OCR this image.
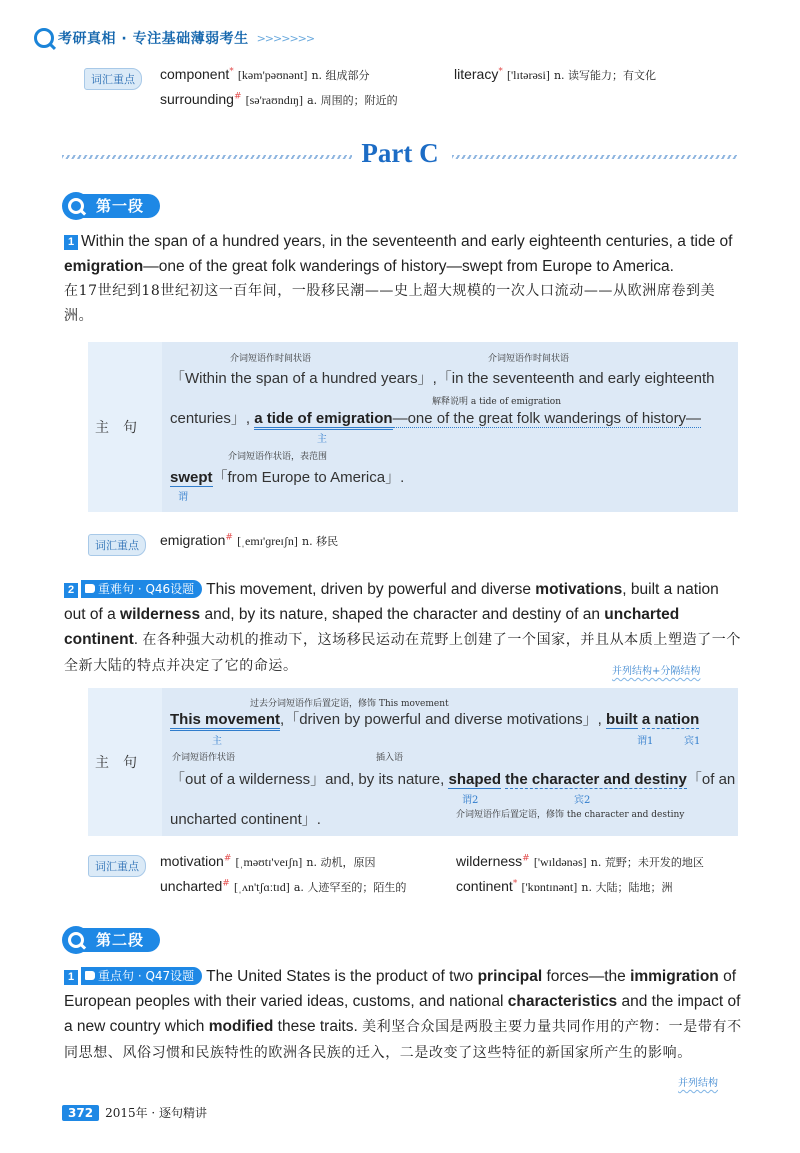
考研真相 · 专注基础薄弱考生 >>>>>>>
词汇重点	component* [kəm'pəʊnənt] n. 组成部分	literacy* ['lɪtərəsi] n. 读写能力；有文化
surrounding# [sə'raʊndɪŋ] a. 周围的；附近的
Part C
第一段
1 Within the span of a hundred years, in the seventeenth and early eighteenth centuries, a tide of emigration—one of the great folk wanderings of history—swept from Europe to America.
在17世纪到18世纪初这一百年间，一股移民潮——史上超大规模的一次人口流动——从欧洲席卷到美洲。
主句
介词短语作时间状语	介词短语作时间状语
「Within the span of a hundred years」,「in the seventeenth and early eighteenth
解释说明 a tide of emigration
centuries」, a tide of emigration—one of the great folk wanderings of history—
主
介词短语作状语，表范围
swept「from Europe to America」.
谓
词汇重点	emigration# [ˌemɪ'ɡreɪʃn] n. 移民
2 重难句 · Q46设题 This movement, driven by powerful and diverse motivations, built a nation out of a wilderness and, by its nature, shaped the character and destiny of an uncharted continent. 在各种强大动机的推动下，这场移民运动在荒野上创建了一个国家，并且从本质上塑造了一个全新大陆的特点并决定了它的命运。	并列结构+分隔结构
主句
过去分词短语作后置定语，修饰 This movement
This movement,「driven by powerful and diverse motivations」, built a nation
主	谓1	宾1
介词短语作状语	插入语
「out of a wilderness」and, by its nature, shaped the character and destiny「of an
谓2	宾2
uncharted continent」.	介词短语作后置定语，修饰 the character and destiny
词汇重点	motivation# [ˌməʊtɪ'veɪʃn] n. 动机，原因	wilderness# ['wɪldənəs] n. 荒野；未开发的地区
uncharted# [ˌʌn'tʃɑːtɪd] a. 人迹罕至的；陌生的	continent* ['kɒntɪnənt] n. 大陆；陆地；洲
第二段
1 重点句 · Q47设题 The United States is the product of two principal forces—the immigration of European peoples with their varied ideas, customs, and national characteristics and the impact of a new country which modified these traits. 美利坚合众国是两股主要力量共同作用的产物：一是带有不同思想、风俗习惯和民族特性的欧洲各民族的迁入，二是改变了这些特征的新国家所产生的影响。
并列结构
372	2015年 · 逐句精讲
